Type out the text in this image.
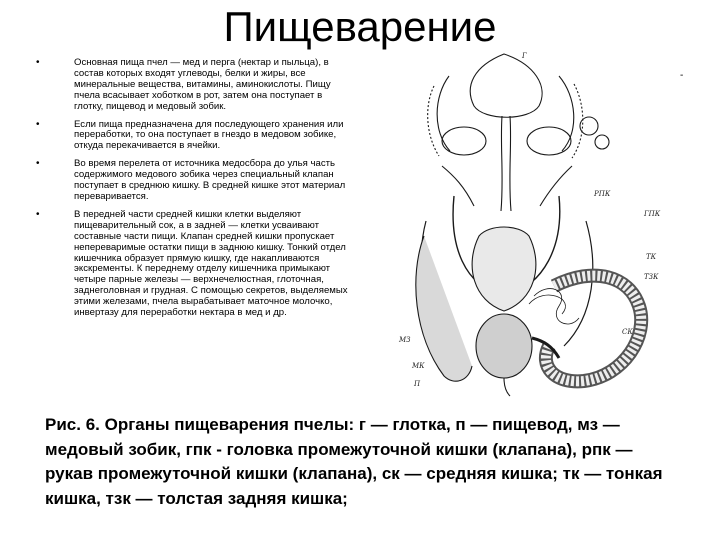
Пищеварение
-
•	Основная пища пчел — мед и перга (нектар и пыльца), в состав которых входят углеводы, белки и жиры, все минеральные вещества, витамины, аминокислоты. Пищу пчела всасывает хоботком в рот, затем она поступает в глотку, пищевод и медовый зобик.
•	Если пища предназначена для последующего хранения или переработки, то она поступает в гнездо в медовом зобике, откуда перекачивается в ячейки.
•	Во время перелета от источника медосбора до улья часть содержимого медового зобика через специальный клапан поступает в среднюю кишку. В средней кишке этот материал переваривается.
•	В передней части средней кишки клетки выделяют пищеварительный сок, а в задней — клетки усваивают составные части пищи. Клапан средней кишки пропускает непереваримые остатки пищи в заднюю кишку. Тонкий отдел кишечника образует прямую кишку, где накапливаются экскременты. К переднему отделу кишечника примыкают четыре парные железы — верхнечелюстная, глоточная, заднеголовная и грудная. С помощью секретов, выделяемых этими железами, пчела вырабатывает маточное молочко, инвертазу для переработки нектара в мед и др.
РПК
ГПК
ТК
ТЗК
СК
МЗ
МК
П
Г

Рис. 6. Органы пищеварения пчелы: г — глотка, п — пищевод, мз — медовый зобик, гпк - головка промежуточной кишки (клапана), рпк — рукав промежуточной кишки (клапана), ск — средняя кишка; тк — тонкая кишка, тзк — толстая задняя кишка;
